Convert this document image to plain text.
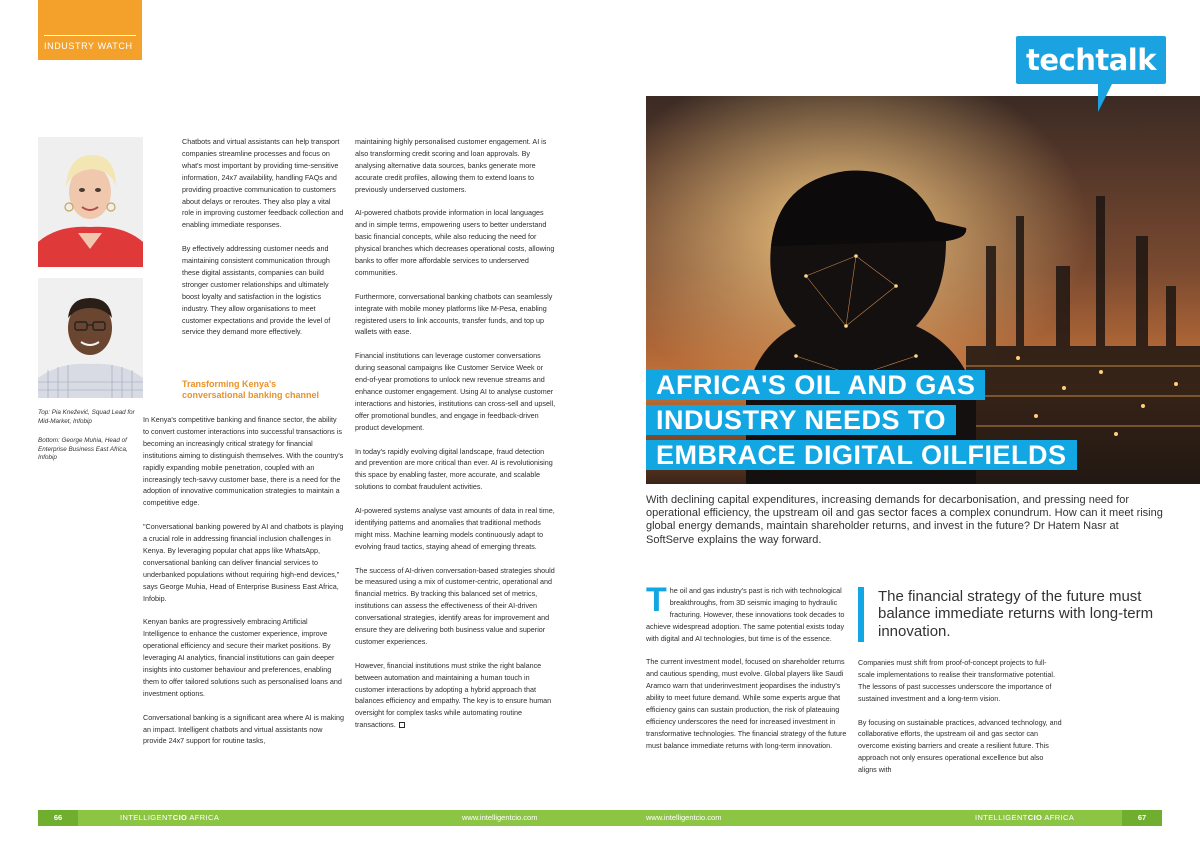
INDUSTRY WATCH
Top: Pia Knežević, Squad Lead for Mid-Market, Infobip
Bottom: George Muhia, Head of Enterprise Business East Africa, Infobip

Chatbots and virtual assistants can help transport companies streamline processes and focus on what's most important by providing time-sensitive information, 24x7 availability, handling FAQs and providing proactive communication to customers about delays or reroutes. They also play a vital role in improving customer feedback collection and enabling immediate responses.

By effectively addressing customer needs and maintaining consistent communication through these digital assistants, companies can build stronger customer relationships and ultimately boost loyalty and satisfaction in the logistics industry. They allow organisations to meet customer expectations and provide the level of service they demand more effectively.

Transforming Kenya's conversational banking channel

In Kenya's competitive banking and finance sector, the ability to convert customer interactions into successful transactions is becoming an increasingly critical strategy for financial institutions aiming to distinguish themselves. With the country's rapidly expanding mobile penetration, coupled with an increasingly tech-savvy customer base, there is a need for the adoption of innovative communication strategies to maintain a competitive edge.

"Conversational banking powered by AI and chatbots is playing a crucial role in addressing financial inclusion challenges in Kenya. By leveraging popular chat apps like WhatsApp, conversational banking can deliver financial services to underbanked populations without requiring high-end devices," says George Muhia, Head of Enterprise Business East Africa, Infobip.

Kenyan banks are progressively embracing Artificial Intelligence to enhance the customer experience, improve operational efficiency and secure their market positions. By leveraging AI analytics, financial institutions can gain deeper insights into customer behaviour and preferences, enabling them to offer tailored solutions such as personalised loans and investment options.

Conversational banking is a significant area where AI is making an impact. Intelligent chatbots and virtual assistants now provide 24x7 support for routine tasks,

maintaining highly personalised customer engagement. AI is also transforming credit scoring and loan approvals. By analysing alternative data sources, banks generate more accurate credit profiles, allowing them to extend loans to previously underserved customers.

AI-powered chatbots provide information in local languages and in simple terms, empowering users to better understand basic financial concepts, while also reducing the need for physical branches which decreases operational costs, allowing banks to offer more affordable services to underserved communities.

Furthermore, conversational banking chatbots can seamlessly integrate with mobile money platforms like M-Pesa, enabling registered users to link accounts, transfer funds, and top up wallets with ease.

Financial institutions can leverage customer conversations during seasonal campaigns like Customer Service Week or end-of-year promotions to unlock new revenue streams and enhance customer engagement. Using AI to analyse customer interactions and histories, institutions can cross-sell and upsell, offer promotional bundles, and engage in feedback-driven product development.

In today's rapidly evolving digital landscape, fraud detection and prevention are more critical than ever. AI is revolutionising this space by enabling faster, more accurate, and scalable solutions to combat fraudulent activities.

AI-powered systems analyse vast amounts of data in real time, identifying patterns and anomalies that traditional methods might miss. Machine learning models continuously adapt to evolving fraud tactics, staying ahead of emerging threats.

The success of AI-driven conversation-based strategies should be measured using a mix of customer-centric, operational and financial metrics. By tracking this balanced set of metrics, institutions can assess the effectiveness of their AI-driven conversational strategies, identify areas for improvement and ensure they are delivering both business value and superior customer experiences.

However, financial institutions must strike the right balance between automation and maintaining a human touch in customer interactions by adopting a hybrid approach that balances efficiency and empathy. The key is to ensure human oversight for complex tasks while automating routine transactions.

techtalk
AFRICA'S OIL AND GAS
INDUSTRY NEEDS TO
EMBRACE DIGITAL OILFIELDS
With declining capital expenditures, increasing demands for decarbonisation, and pressing need for operational efficiency, the upstream oil and gas sector faces a complex conundrum. How can it meet rising global energy demands, maintain shareholder returns, and invest in the future? Dr Hatem Nasr at SoftServe explains the way forward.

The oil and gas industry's past is rich with technological breakthroughs, from 3D seismic imaging to hydraulic fracturing. However, these innovations took decades to achieve widespread adoption. The same potential exists today with digital and AI technologies, but time is of the essence.

The current investment model, focused on shareholder returns and cautious spending, must evolve. Global players like Saudi Aramco warn that underinvestment jeopardises the industry's ability to meet future demand. While some experts argue that efficiency gains can sustain production, the risk of plateauing efficiency underscores the need for increased investment in transformative technologies. The financial strategy of the future must balance immediate returns with long-term innovation.

The financial strategy of the future must balance immediate returns with long-term innovation.

Companies must shift from proof-of-concept projects to full-scale implementations to realise their transformative potential. The lessons of past successes underscore the importance of sustained investment and a long-term vision.

By focusing on sustainable practices, advanced technology, and collaborative efforts, the upstream oil and gas sector can overcome existing barriers and create a resilient future. This approach not only ensures operational excellence but also aligns with

66	INTELLIGENTCIO AFRICA	www.intelligentcio.com	www.intelligentcio.com	INTELLIGENTCIO AFRICA	67
